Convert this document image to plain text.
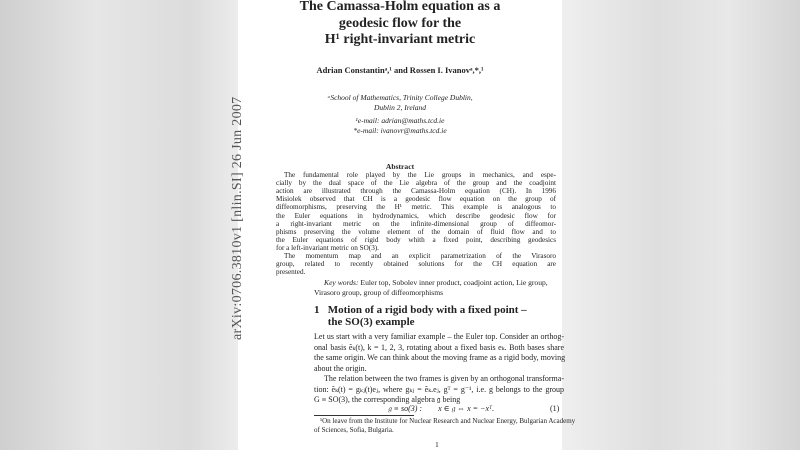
arXiv:0706.3810v1 [nlin.SI] 26 Jun 2007
The Camassa-Holm equation as a
geodesic flow for the
H¹ right-invariant metric
Adrian Constantinᵃ,¹ and Rossen I. Ivanovᵃ,*,¹
ᵃSchool of Mathematics, Trinity College Dublin,
Dublin 2, Ireland
¹e-mail: adrian@maths.tcd.ie
*e-mail: ivanovr@maths.tcd.ie
Abstract
The fundamental role played by the Lie groups in mechanics, and espe-
cially by the dual space of the Lie algebra of the group and the coadjoint
action are illustrated through the Camassa-Holm equation (CH). In 1996
Misiolek observed that CH is a geodesic flow equation on the group of
diffeomorphisms, preserving the H¹ metric. This example is analogous to
the Euler equations in hydrodynamics, which describe geodesic flow for
a right-invariant metric on the infinite-dimensional group of diffeomor-
phisms preserving the volume element of the domain of fluid flow and to
the Euler equations of rigid body whith a fixed point, describing geodesics
for a left-invariant metric on SO(3).
The momentum map and an explicit parametrization of the Virasoro
group, related to recently obtained solutions for the CH equation are
presented.
Key words: Euler top, Sobolev inner product, coadjoint action, Lie group,
Virasoro group, group of diffeomorphisms
1   Motion of a rigid body with a fixed point –
the SO(3) example
Let us start with a very familiar example – the Euler top. Consider an orthog-
onal basis ẽₖ(t), k = 1, 2, 3, rotating about a fixed basis eₖ. Both bases share
the same origin. We can think about the moving frame as a rigid body, moving
about the origin.
The relation between the two frames is given by an orthogonal transforma-
tion: ẽₖ(t) = gₖⱼ(t)eⱼ, where gₖⱼ = ẽₖ.eⱼ, gᵀ = g⁻¹, i.e. g belongs to the group
G ≡ SO(3), the corresponding algebra 𝔤 being
𝔤 ≡ so(3) :        x ∈ 𝔤 ⇔ x = −xᵀ.	(1)
¹On leave from the Institute for Nuclear Research and Nuclear Energy, Bulgarian Academy
of Sciences, Sofia, Bulgaria.
1
